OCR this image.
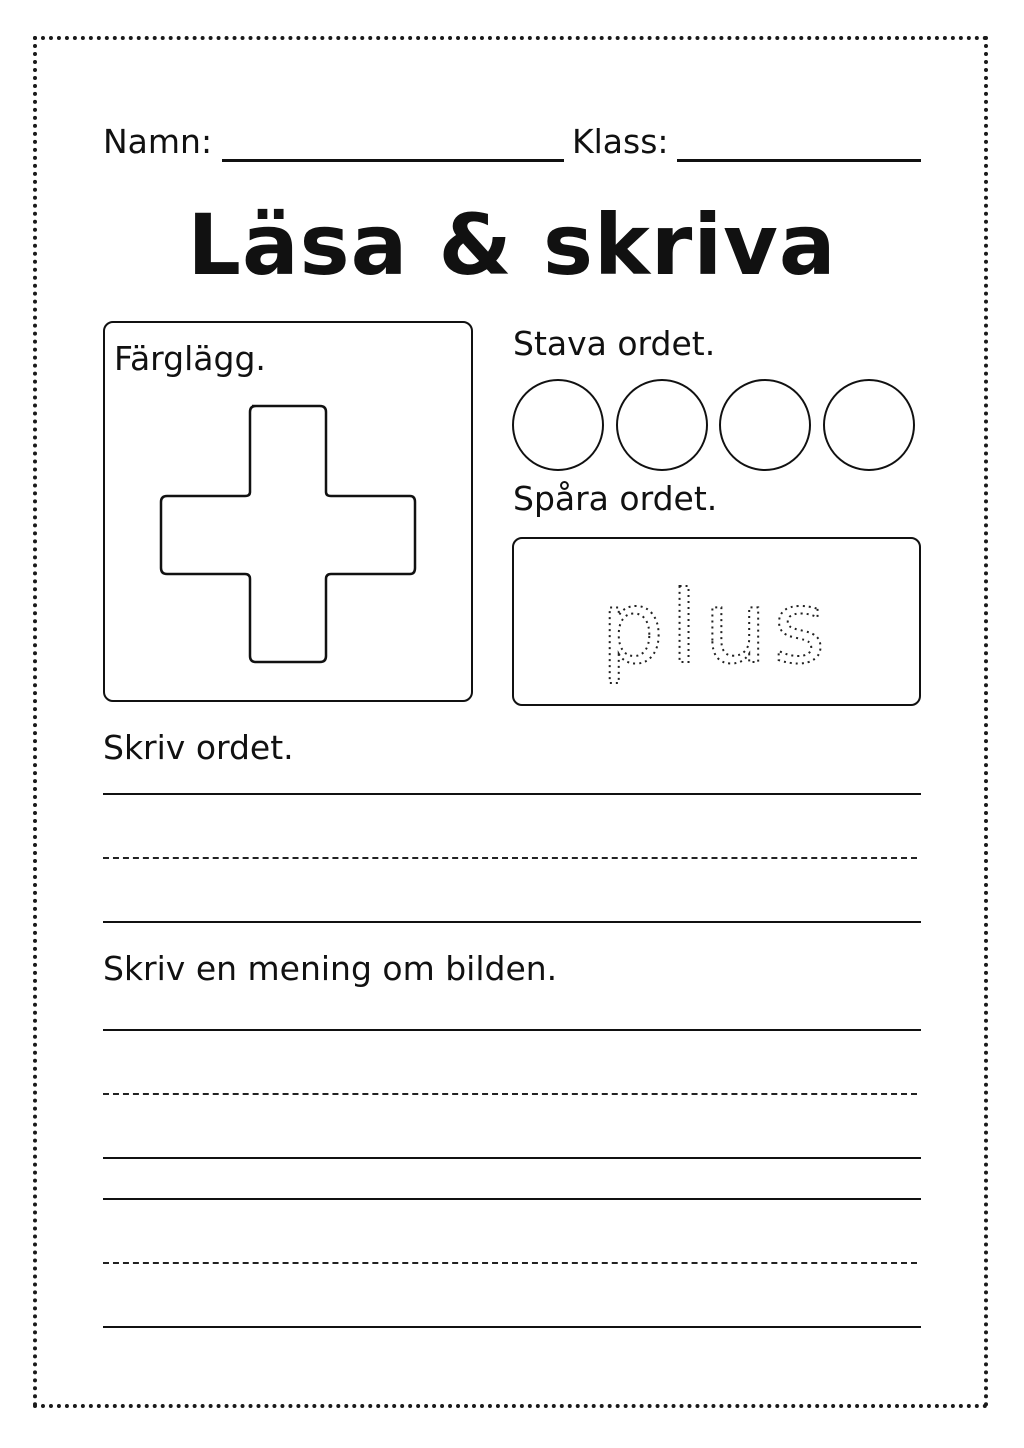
Namn:	Klass:
Läsa & skriva
Färglägg.	Stava ordet.
Spåra ordet.
plus
Skriv ordet.
Skriv en mening om bilden.
